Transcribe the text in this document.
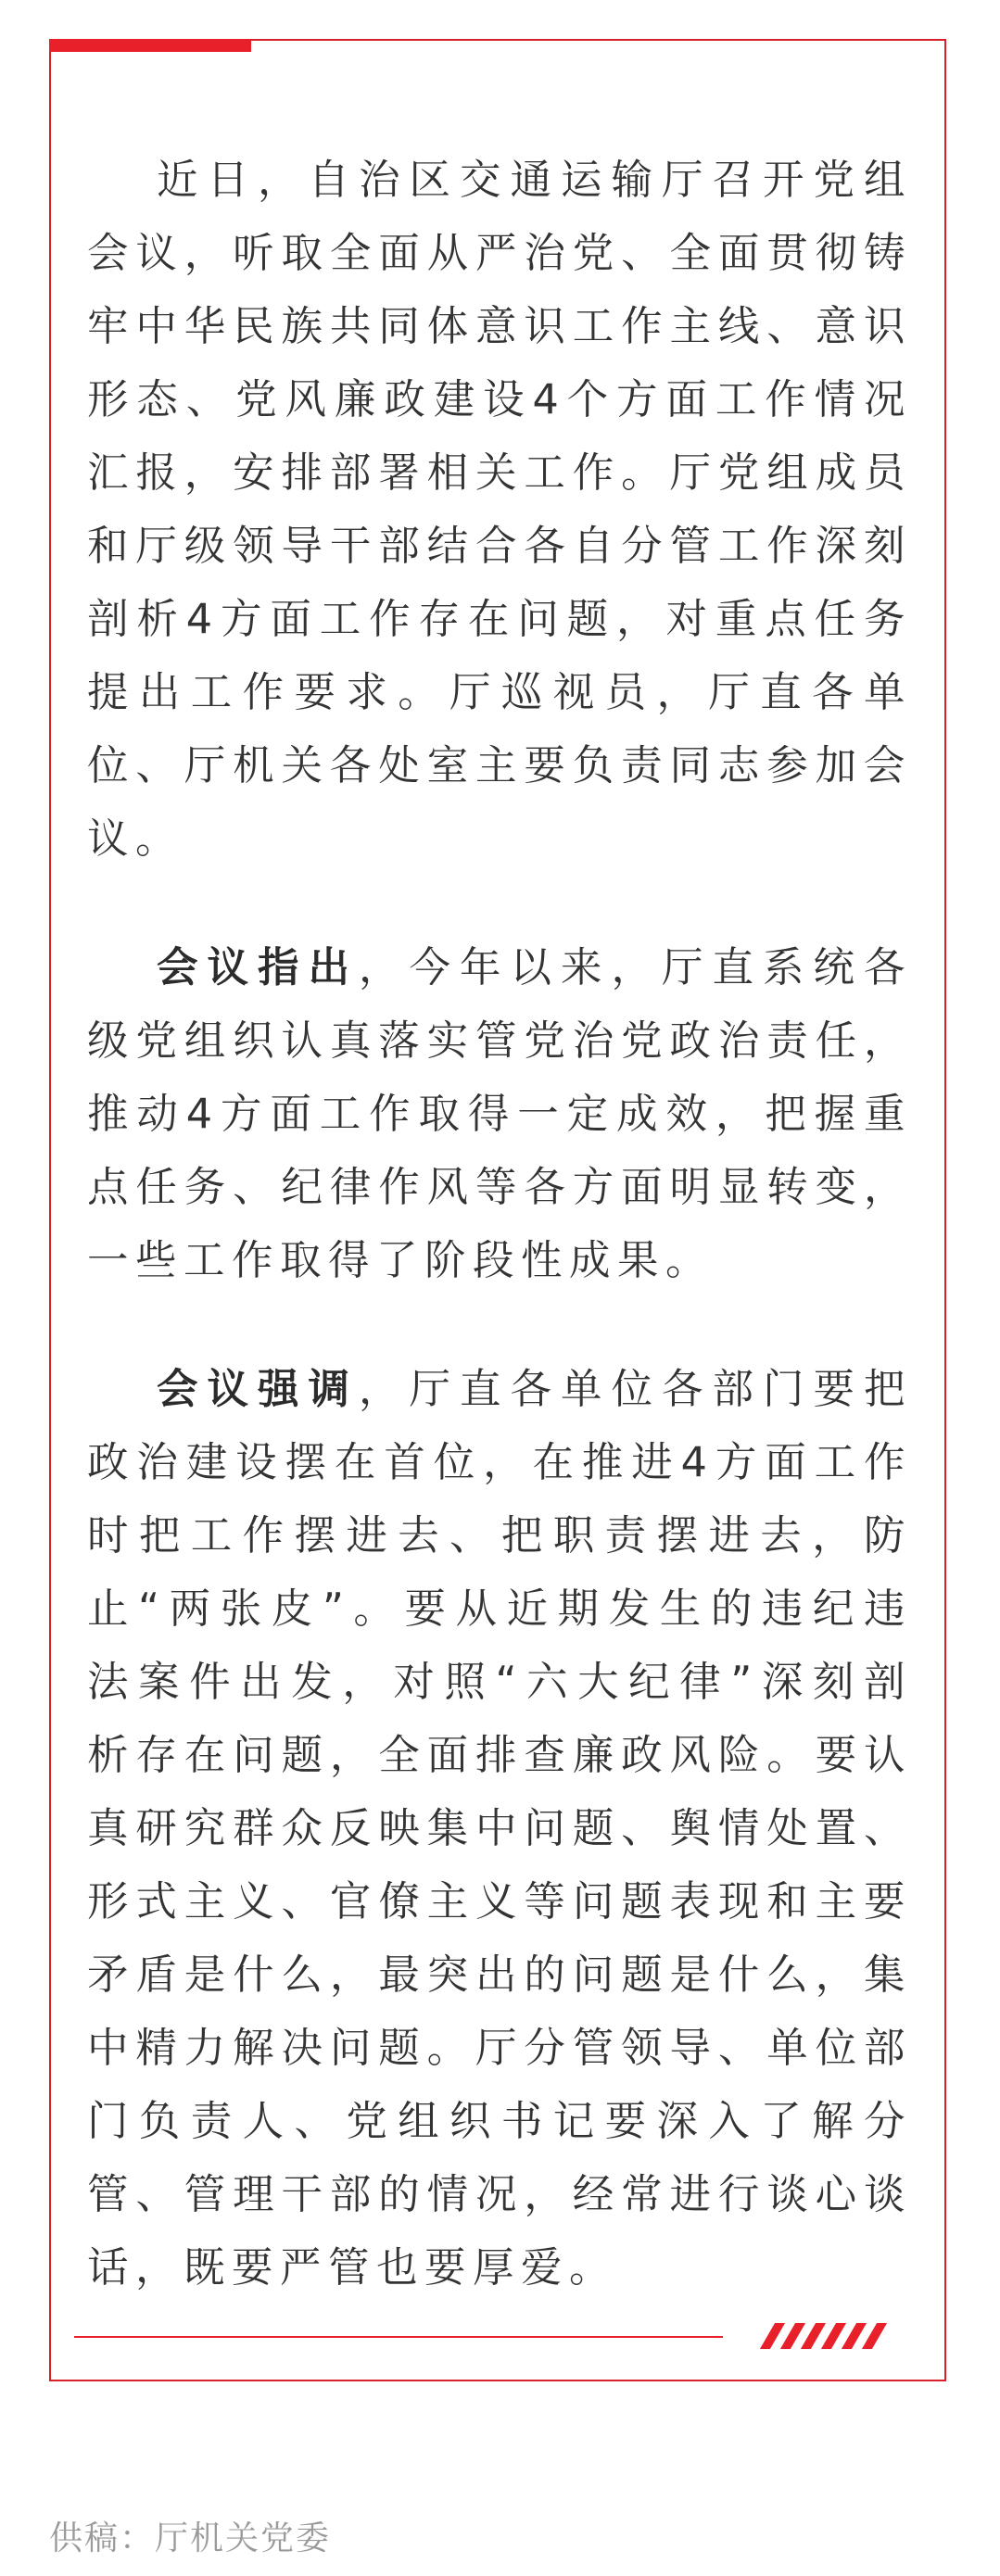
近日，自治区交通运输厅召开党组会议，听取全面从严治党、全面贯彻铸牢中华民族共同体意识工作主线、意识形态、党风廉政建设4个方面工作情况汇报，安排部署相关工作。厅党组成员和厅级领导干部结合各自分管工作深刻剖析4方面工作存在问题，对重点任务提出工作要求。厅巡视员，厅直各单位、厅机关各处室主要负责同志参加会议。

会议指出，今年以来，厅直系统各级党组织认真落实管党治党政治责任，推动4方面工作取得一定成效，把握重点任务、纪律作风等各方面明显转变，一些工作取得了阶段性成果。

会议强调，厅直各单位各部门要把政治建设摆在首位，在推进4方面工作时把工作摆进去、把职责摆进去，防止“两张皮”。要从近期发生的违纪违法案件出发，对照“六大纪律”深刻剖析存在问题，全面排查廉政风险。要认真研究群众反映集中问题、舆情处置、形式主义、官僚主义等问题表现和主要矛盾是什么，最突出的问题是什么，集中精力解决问题。厅分管领导、单位部门负责人、党组织书记要深入了解分管、管理干部的情况，经常进行谈心谈话，既要严管也要厚爱。

供稿：厅机关党委
